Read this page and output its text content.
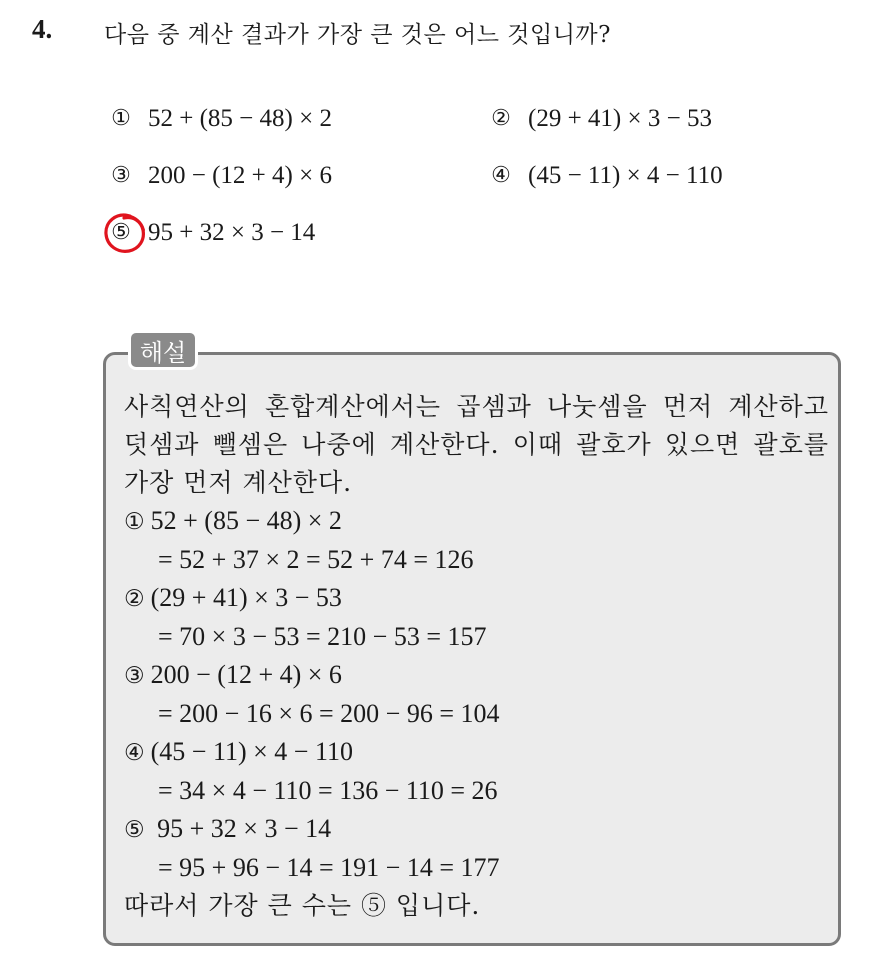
4. 다음 중 계산 결과가 가장 큰 것은 어느 것입니까?
① 52 + (85 − 48) × 2	② (29 + 41) × 3 − 53
③ 200 − (12 + 4) × 6	④ (45 − 11) × 4 − 110
⑤ 95 + 32 × 3 − 14
해설
사칙연산의 혼합계산에서는 곱셈과 나눗셈을 먼저 계산하고 덧셈과 뺄셈은 나중에 계산한다. 이때 괄호가 있으면 괄호를 가장 먼저 계산한다.
① 52 + (85 − 48) × 2
= 52 + 37 × 2 = 52 + 74 = 126
② (29 + 41) × 3 − 53
= 70 × 3 − 53 = 210 − 53 = 157
③ 200 − (12 + 4) × 6
= 200 − 16 × 6 = 200 − 96 = 104
④ (45 − 11) × 4 − 110
= 34 × 4 − 110 = 136 − 110 = 26
⑤ 95 + 32 × 3 − 14
= 95 + 96 − 14 = 191 − 14 = 177
따라서 가장 큰 수는 ⑤ 입니다.
